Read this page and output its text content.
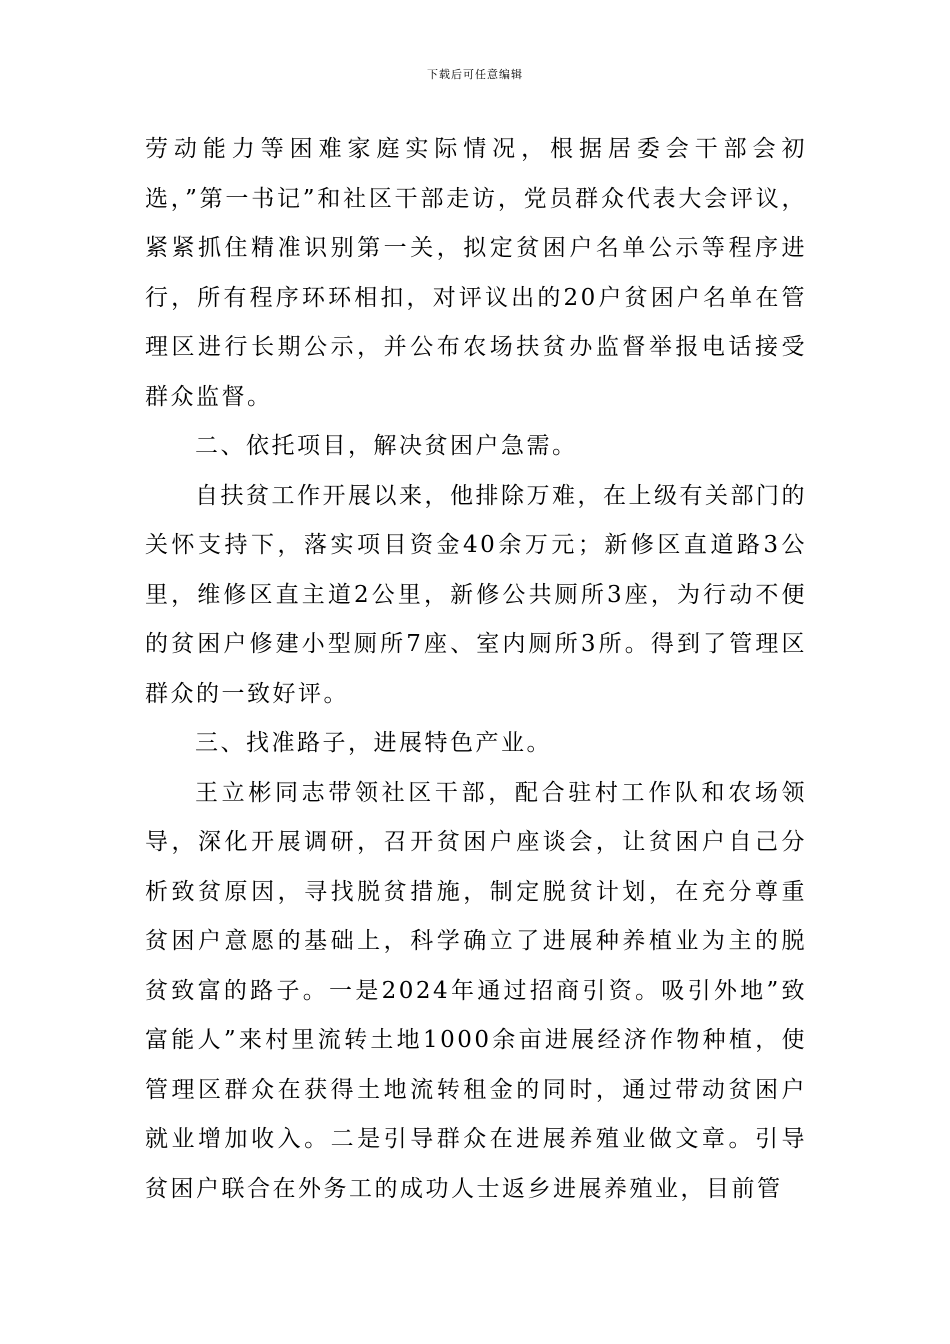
下载后可任意编辑

劳动能力等困难家庭实际情况，根据居委会干部会初选，”第一书记”和社区干部走访，党员群众代表大会评议，紧紧抓住精准识别第一关，拟定贫困户名单公示等程序进行，所有程序环环相扣，对评议出的20户贫困户名单在管理区进行长期公示，并公布农场扶贫办监督举报电话接受群众监督。

二、依托项目，解决贫困户急需。

自扶贫工作开展以来，他排除万难，在上级有关部门的关怀支持下，落实项目资金40余万元；新修区直道路3公里，维修区直主道2公里，新修公共厕所3座，为行动不便的贫困户修建小型厕所7座、室内厕所3所。得到了管理区群众的一致好评。

三、找准路子，进展特色产业。

王立彬同志带领社区干部，配合驻村工作队和农场领导，深化开展调研，召开贫困户座谈会，让贫困户自己分析致贫原因，寻找脱贫措施，制定脱贫计划，在充分尊重贫困户意愿的基础上，科学确立了进展种养植业为主的脱贫致富的路子。一是2024年通过招商引资。吸引外地”致富能人”来村里流转土地1000余亩进展经济作物种植，使管理区群众在获得土地流转租金的同时，通过带动贫困户就业增加收入。二是引导群众在进展养殖业做文章。引导贫困户联合在外务工的成功人士返乡进展养殖业，目前管
